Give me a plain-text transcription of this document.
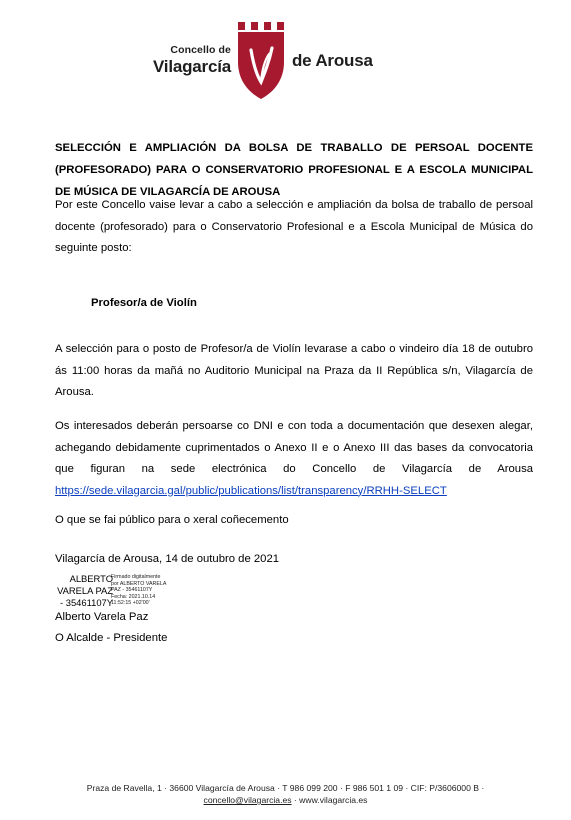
Concello de
Vilagarcía	de Arousa
SELECCIÓN E AMPLIACIÓN DA BOLSA DE TRABALLO DE PERSOAL DOCENTE (PROFESORADO) PARA O CONSERVATORIO PROFESIONAL E A ESCOLA MUNICIPAL DE MÚSICA DE VILAGARCÍA DE AROUSA
Por este Concello vaise levar a cabo a selección e ampliación da bolsa de traballo de persoal docente (profesorado) para o Conservatorio Profesional e a Escola Municipal de Música do seguinte posto:
Profesor/a de Violín
A selección para o posto de Profesor/a de Violín levarase a cabo o vindeiro día 18 de outubro ás 11:00 horas da mañá no Auditorio Municipal na Praza da II República s/n, Vilagarcía de Arousa.
Os interesados deberán persoarse co DNI e con toda a documentación que desexen alegar, achegando debidamente cuprimentados o Anexo II e o Anexo III das bases da convocatoria que figuran na sede electrónica do Concello de Vilagarcía de Arousa https://sede.vilagarcia.gal/public/publications/list/transparency/RRHH-SELECT
O que se fai público para o xeral coñecemento
Vilagarcía de Arousa, 14 de outubro de 2021
ALBERTO
VARELA PAZ
- 35461107Y
Firmado digitalmente
por ALBERTO VARELA
PAZ - 35461107Y
Fecha: 2021.10.14
11:52:15 +02'00'
Alberto Varela Paz
O Alcalde - Presidente
Praza de Ravella, 1 · 36600 Vilagarcía de Arousa · T 986 099 200 · F 986 501 1 09 · CIF: P/3606000 B ·
concello@vilagarcia.es · www.vilagarcia.es
